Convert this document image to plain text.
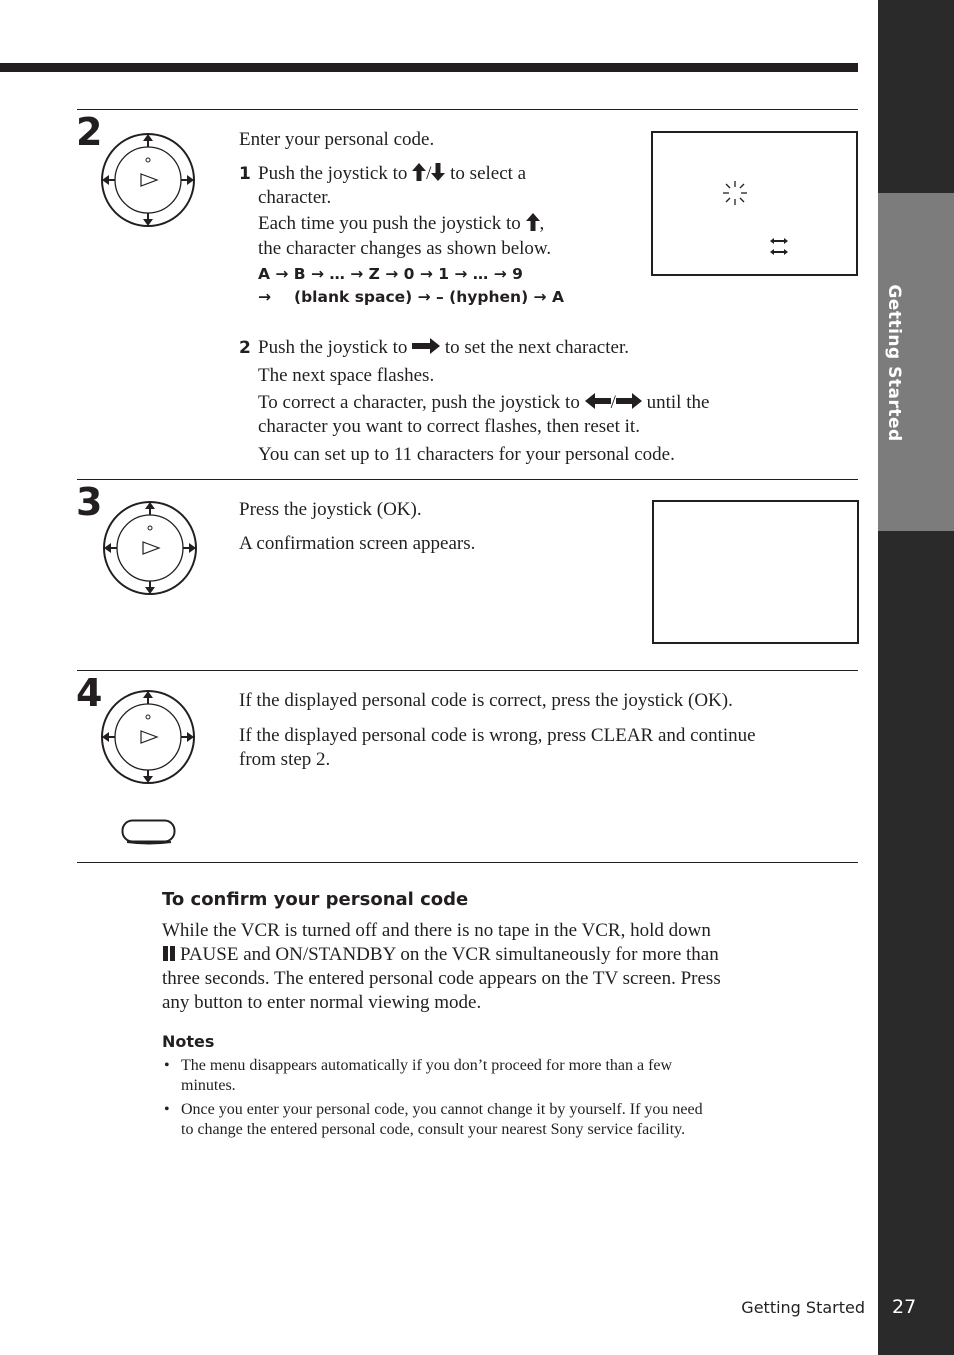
Getting Started
2	Enter your personal code.
1 Push the joystick to / to select a
character.
Each time you push the joystick to ,
the character changes as shown below.
A → B → … → Z → 0 → 1 → … → 9
→ (blank space) → – (hyphen) → A
2 Push the joystick to to set the next character.
The next space flashes.
To correct a character, push the joystick to / until the
character you want to correct flashes, then reset it.
You can set up to 11 characters for your personal code.
3	Press the joystick (OK).
A confirmation screen appears.
4	If the displayed personal code is correct, press the joystick (OK).
If the displayed personal code is wrong, press CLEAR and continue
from step 2.
To confirm your personal code
While the VCR is turned off and there is no tape in the VCR, hold down
PAUSE and ON/STANDBY on the VCR simultaneously for more than
three seconds. The entered personal code appears on the TV screen. Press
any button to enter normal viewing mode.
Notes
• The menu disappears automatically if you don’t proceed for more than a few
minutes.
• Once you enter your personal code, you cannot change it by yourself. If you need
to change the entered personal code, consult your nearest Sony service facility.
Getting Started 27
